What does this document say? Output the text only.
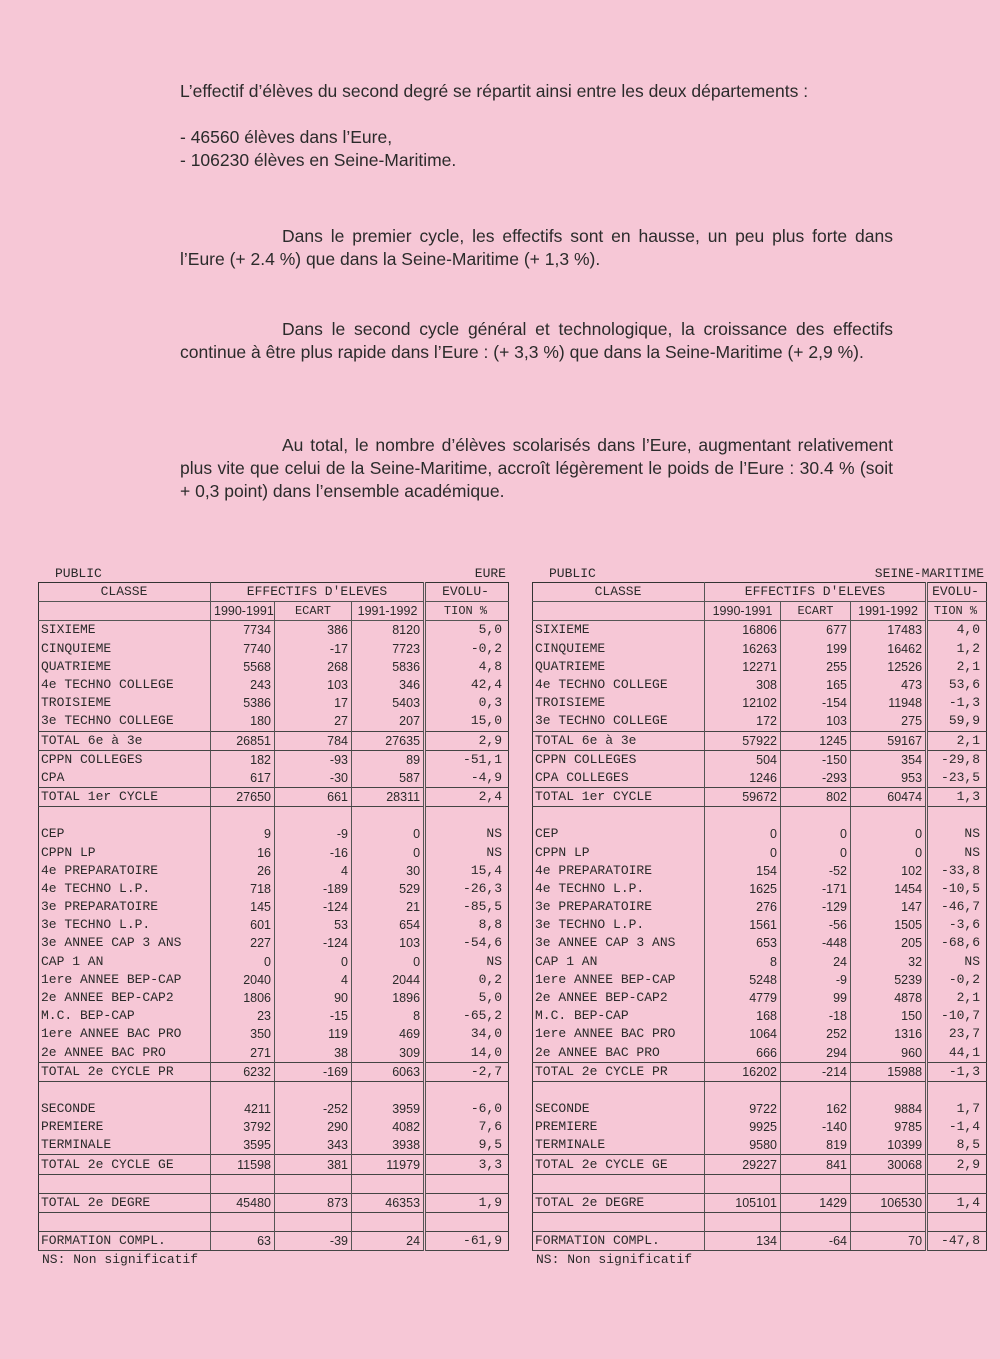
L’effectif d’élèves du second degré se répartit ainsi entre les deux départements :

- 46560 élèves dans l’Eure,

- 106230 élèves en Seine-Maritime.

Dans le premier cycle, les effectifs sont en hausse, un peu plus forte dans l’Eure (+ 2.4 %) que dans la Seine-Maritime (+ 1,3 %).

Dans le second cycle général et technologique, la croissance des effectifs continue à être plus rapide dans l’Eure : (+ 3,3 %) que dans la Seine-Maritime (+ 2,9 %).

Au total, le nombre d’élèves scolarisés dans l’Eure, augmentant relativement plus vite que celui de la Seine-Maritime, accroît légèrement le poids de l’Eure : 30.4 % (soit + 0,3 point) dans l’ensemble académique.

PUBLIC	EURE
CLASSE	EFFECTIFS D'ELEVES			EVOLU-
	1990-1991	ECART	1991-1992	TION %
SIXIEME	7734	386	8120	5,0
CINQUIEME	7740	-17	7723	-0,2
QUATRIEME	5568	268	5836	4,8
4e TECHNO COLLEGE	243	103	346	42,4
TROISIEME	5386	17	5403	0,3
3e TECHNO COLLEGE	180	27	207	15,0
TOTAL 6e à 3e	26851	784	27635	2,9
CPPN COLLEGES	182	-93	89	-51,1
CPA	617	-30	587	-4,9
TOTAL 1er CYCLE	27650	661	28311	2,4

CEP	9	-9	0	NS
CPPN LP	16	-16	0	NS
4e PREPARATOIRE	26	4	30	15,4
4e TECHNO L.P.	718	-189	529	-26,3
3e PREPARATOIRE	145	-124	21	-85,5
3e TECHNO L.P.	601	53	654	8,8
3e ANNEE CAP 3 ANS	227	-124	103	-54,6
CAP 1 AN	0	0	0	NS
1ere ANNEE BEP-CAP	2040	4	2044	0,2
2e ANNEE BEP-CAP2	1806	90	1896	5,0
M.C. BEP-CAP	23	-15	8	-65,2
1ere ANNEE BAC PRO	350	119	469	34,0
2e ANNEE BAC PRO	271	38	309	14,0
TOTAL 2e CYCLE PR	6232	-169	6063	-2,7

SECONDE	4211	-252	3959	-6,0
PREMIERE	3792	290	4082	7,6
TERMINALE	3595	343	3938	9,5
TOTAL 2e CYCLE GE	11598	381	11979	3,3

TOTAL 2e DEGRE	45480	873	46353	1,9

FORMATION COMPL.	63	-39	24	-61,9
NS: Non significatif
PUBLIC	SEINE-MARITIME
CLASSE	EFFECTIFS D'ELEVES			EVOLU-
	1990-1991	ECART	1991-1992	TION %
SIXIEME	16806	677	17483	4,0
CINQUIEME	16263	199	16462	1,2
QUATRIEME	12271	255	12526	2,1
4e TECHNO COLLEGE	308	165	473	53,6
TROISIEME	12102	-154	11948	-1,3
3e TECHNO COLLEGE	172	103	275	59,9
TOTAL 6e à 3e	57922	1245	59167	2,1
CPPN COLLEGES	504	-150	354	-29,8
CPA COLLEGES	1246	-293	953	-23,5
TOTAL 1er CYCLE	59672	802	60474	1,3

CEP	0	0	0	NS
CPPN LP	0	0	0	NS
4e PREPARATOIRE	154	-52	102	-33,8
4e TECHNO L.P.	1625	-171	1454	-10,5
3e PREPARATOIRE	276	-129	147	-46,7
3e TECHNO L.P.	1561	-56	1505	-3,6
3e ANNEE CAP 3 ANS	653	-448	205	-68,6
CAP 1 AN	8	24	32	NS
1ere ANNEE BEP-CAP	5248	-9	5239	-0,2
2e ANNEE BEP-CAP2	4779	99	4878	2,1
M.C. BEP-CAP	168	-18	150	-10,7
1ere ANNEE BAC PRO	1064	252	1316	23,7
2e ANNEE BAC PRO	666	294	960	44,1
TOTAL 2e CYCLE PR	16202	-214	15988	-1,3

SECONDE	9722	162	9884	1,7
PREMIERE	9925	-140	9785	-1,4
TERMINALE	9580	819	10399	8,5
TOTAL 2e CYCLE GE	29227	841	30068	2,9

TOTAL 2e DEGRE	105101	1429	106530	1,4

FORMATION COMPL.	134	-64	70	-47,8
NS: Non significatif
